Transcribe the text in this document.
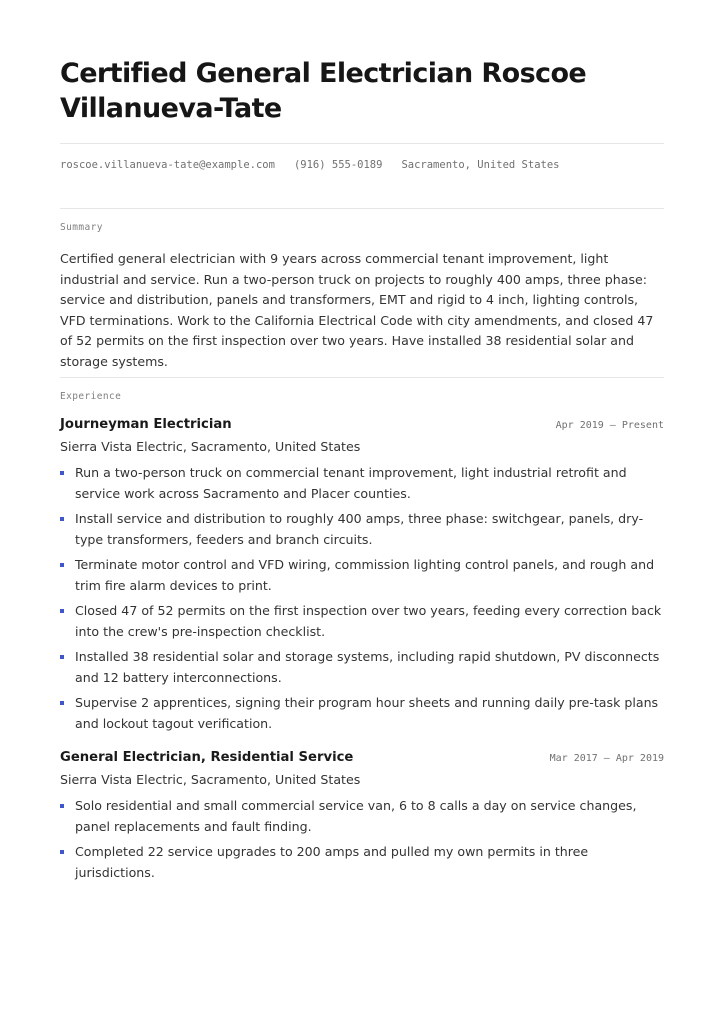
Certified General Electrician Roscoe Villanueva-Tate
roscoe.villanueva-tate@example.com (916) 555-0189 Sacramento, United States
Summary

Certified general electrician with 9 years across commercial tenant improvement, light industrial and service. Run a two-person truck on projects to roughly 400 amps, three phase: service and distribution, panels and transformers, EMT and rigid to 4 inch, lighting controls, VFD terminations. Work to the California Electrical Code with city amendments, and closed 47 of 52 permits on the first inspection over two years. Have installed 38 residential solar and storage systems.

Experience
Journeyman Electrician	Apr 2019 – Present
Sierra Vista Electric, Sacramento, United States
Run a two-person truck on commercial tenant improvement, light industrial retrofit and service work across Sacramento and Placer counties.
Install service and distribution to roughly 400 amps, three phase: switchgear, panels, dry-type transformers, feeders and branch circuits.
Terminate motor control and VFD wiring, commission lighting control panels, and rough and trim fire alarm devices to print.
Closed 47 of 52 permits on the first inspection over two years, feeding every correction back into the crew's pre-inspection checklist.
Installed 38 residential solar and storage systems, including rapid shutdown, PV disconnects and 12 battery interconnections.
Supervise 2 apprentices, signing their program hour sheets and running daily pre-task plans and lockout tagout verification.
General Electrician, Residential Service	Mar 2017 – Apr 2019
Sierra Vista Electric, Sacramento, United States
Solo residential and small commercial service van, 6 to 8 calls a day on service changes, panel replacements and fault finding.
Completed 22 service upgrades to 200 amps and pulled my own permits in three jurisdictions.
